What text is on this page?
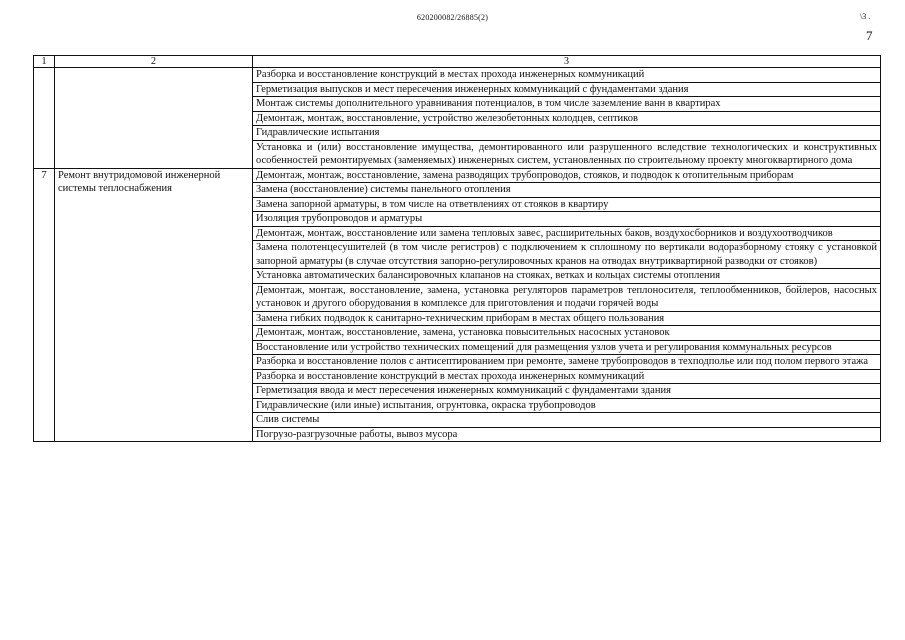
620200082/26885(2)	\3 .
7
1	2	3
		Разборка и восстановление конструкций в местах прохода инженерных коммуникаций
		Герметизация выпусков и мест пересечения инженерных коммуникаций с фундаментами здания
		Монтаж системы дополнительного уравнивания потенциалов, в том числе заземление ванн в квартирах
		Демонтаж, монтаж, восстановление, устройство железобетонных колодцев, септиков
		Гидравлические испытания
		Установка и (или) восстановление имущества, демонтированного или разрушенного вследствие технологических и конструктивных особенностей ремонтируемых (заменяемых) инженерных систем, установленных по строительному проекту многоквартирного дома
7	Ремонт внутридомовой инженерной системы теплоснабжения	Демонтаж, монтаж, восстановление, замена разводящих трубопроводов, стояков, и подводок к отопительным приборам
		Замена (восстановление) системы панельного отопления
		Замена запорной арматуры, в том числе на ответвлениях от стояков в квартиру
		Изоляция трубопроводов и арматуры
		Демонтаж, монтаж, восстановление или замена тепловых завес, расширительных баков, воздухосборников и воздухоотводчиков
		Замена полотенцесушителей (в том числе регистров) с подключением к сплошному по вертикали водоразборному стояку с установкой запорной арматуры (в случае отсутствия запорно-регулировочных кранов на отводах внутриквартирной разводки от стояков)
		Установка автоматических балансировочных клапанов на стояках, ветках и кольцах системы отопления
		Демонтаж, монтаж, восстановление, замена, установка регуляторов параметров теплоносителя, теплообменников, бойлеров, насосных установок и другого оборудования в комплексе для приготовления и подачи горячей воды
		Замена гибких подводок к санитарно-техническим приборам в местах общего пользования
		Демонтаж, монтаж, восстановление, замена, установка повысительных насосных установок
		Восстановление или устройство технических помещений для размещения узлов учета и регулирования коммунальных ресурсов
		Разборка и восстановление полов с антисептированием при ремонте, замене трубопроводов в техподполье или под полом первого этажа
		Разборка и восстановление конструкций в местах прохода инженерных коммуникаций
		Герметизация ввода и мест пересечения инженерных коммуникаций с фундаментами здания
		Гидравлические (или иные) испытания, огрунтовка, окраска трубопроводов
		Слив системы
		Погрузо-разгрузочные работы, вывоз мусора
